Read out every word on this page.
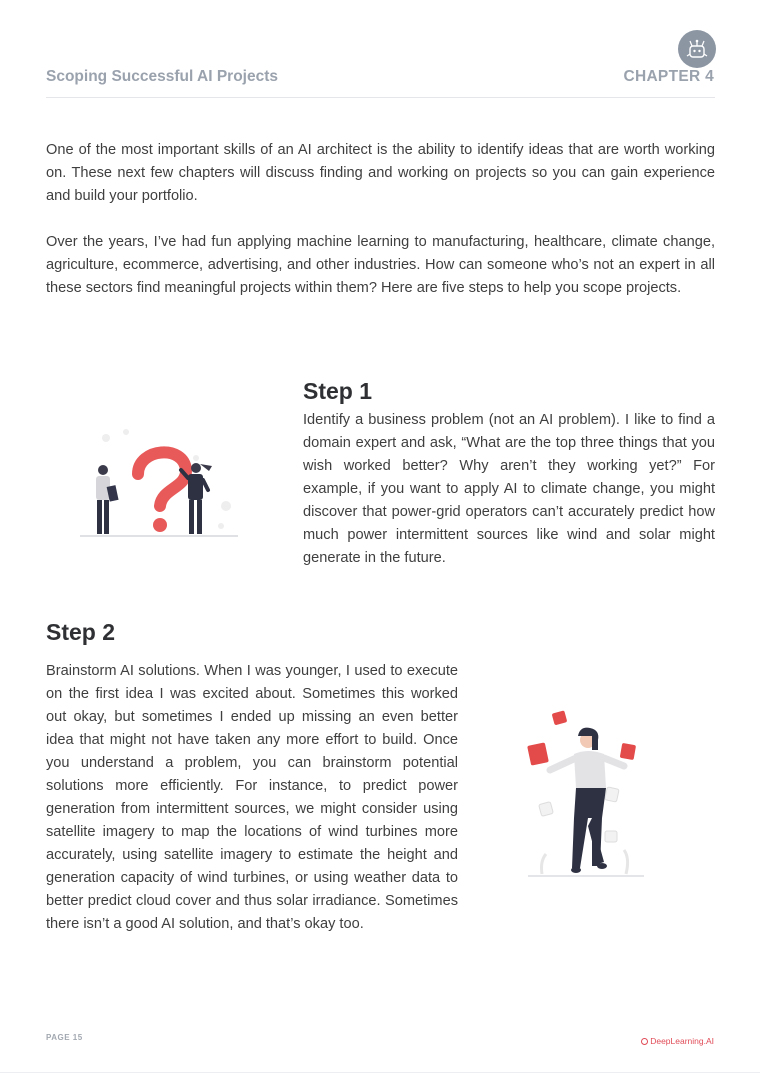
Scoping Successful AI Projects	CHAPTER 4

One of the most important skills of an AI architect is the ability to identify ideas that are worth working on. These next few chapters will discuss finding and working on projects so you can gain experience and build your portfolio.

Over the years, I’ve had fun applying machine learning to manufacturing, healthcare, climate change, agriculture, ecommerce, advertising, and other industries. How can someone who’s not an expert in all these sectors find meaningful projects within them? Here are five steps to help you scope projects.

Step 1

Identify a business problem (not an AI problem). I like to find a domain expert and ask, “What are the top three things that you wish worked better? Why aren’t they working yet?” For example, if you want to apply AI to climate change, you might discover that power-grid operators can’t accurately predict how much power intermittent sources like wind and solar might generate in the future.

Step 2

Brainstorm AI solutions. When I was younger, I used to execute on the first idea I was excited about. Sometimes this worked out okay, but sometimes I ended up missing an even better idea that might not have taken any more effort to build. Once you understand a problem, you can brainstorm potential solutions more efficiently. For instance, to predict power generation from intermittent sources, we might consider using satellite imagery to map the locations of wind turbines more accurately, using satellite imagery to estimate the height and generation capacity of wind turbines, or using weather data to better predict cloud cover and thus solar irradiance. Sometimes there isn’t a good AI solution, and that’s okay too.

PAGE 15	DeepLearning.AI
